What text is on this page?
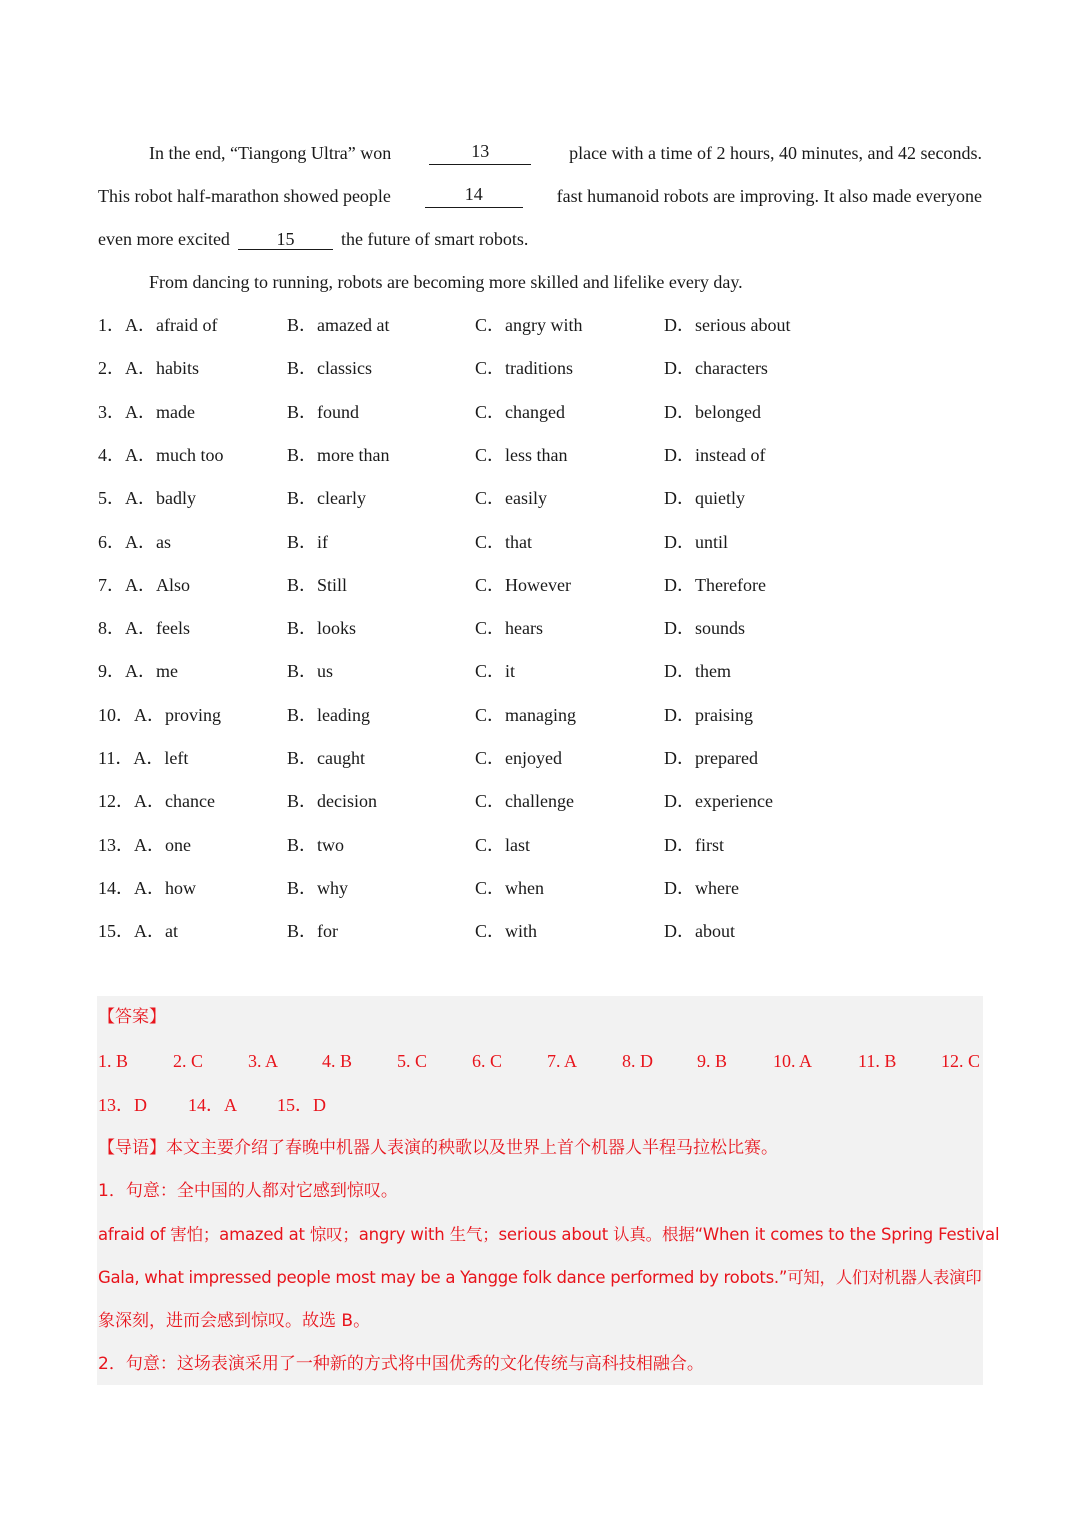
In the end, “Tiangong Ultra” won	13	place with a time of 2 hours, 40 minutes, and 42 seconds.
This robot half-marathon showed people	14	fast humanoid robots are improving. It also made everyone
even more excited	15	the future of smart robots.
From dancing to running, robots are becoming more skilled and lifelike every day.
1．A．afraid of	B．amazed at	C．angry with	D．serious about
2．A．habits	B．classics	C．traditions	D．characters
3．A．made	B．found	C．changed	D．belonged
4．A．much too	B．more than	C．less than	D．instead of
5．A．badly	B．clearly	C．easily	D．quietly
6．A．as	B．if	C．that	D．until
7．A．Also	B．Still	C．However	D．Therefore
8．A．feels	B．looks	C．hears	D．sounds
9．A．me	B．us	C．it	D．them
10．A．proving	B．leading	C．managing	D．praising
11．A．left	B．caught	C．enjoyed	D．prepared
12．A．chance	B．decision	C．challenge	D．experience
13．A．one	B．two	C．last	D．first
14．A．how	B．why	C．when	D．where
15．A．at	B．for	C．with	D．about
【答案】
1. B 2. C 3. A 4. B 5. C 6. C 7. A 8. D 9. B	10. A	11. B 12. C
13．D 14．A 15．D
【导语】本文主要介绍了春晚中机器人表演的秧歌以及世界上首个机器人半程马拉松比赛。
1．句意：全中国的人都对它感到惊叹。
afraid of 害怕；amazed at 惊叹；angry with 生气；serious about 认真。根据“When it comes to the Spring Festival
Gala, what impressed people most may be a Yangge folk dance performed by robots.”可知，人们对机器人表演印
象深刻，进而会感到惊叹。故选 B。
2．句意：这场表演采用了一种新的方式将中国优秀的文化传统与高科技相融合。
